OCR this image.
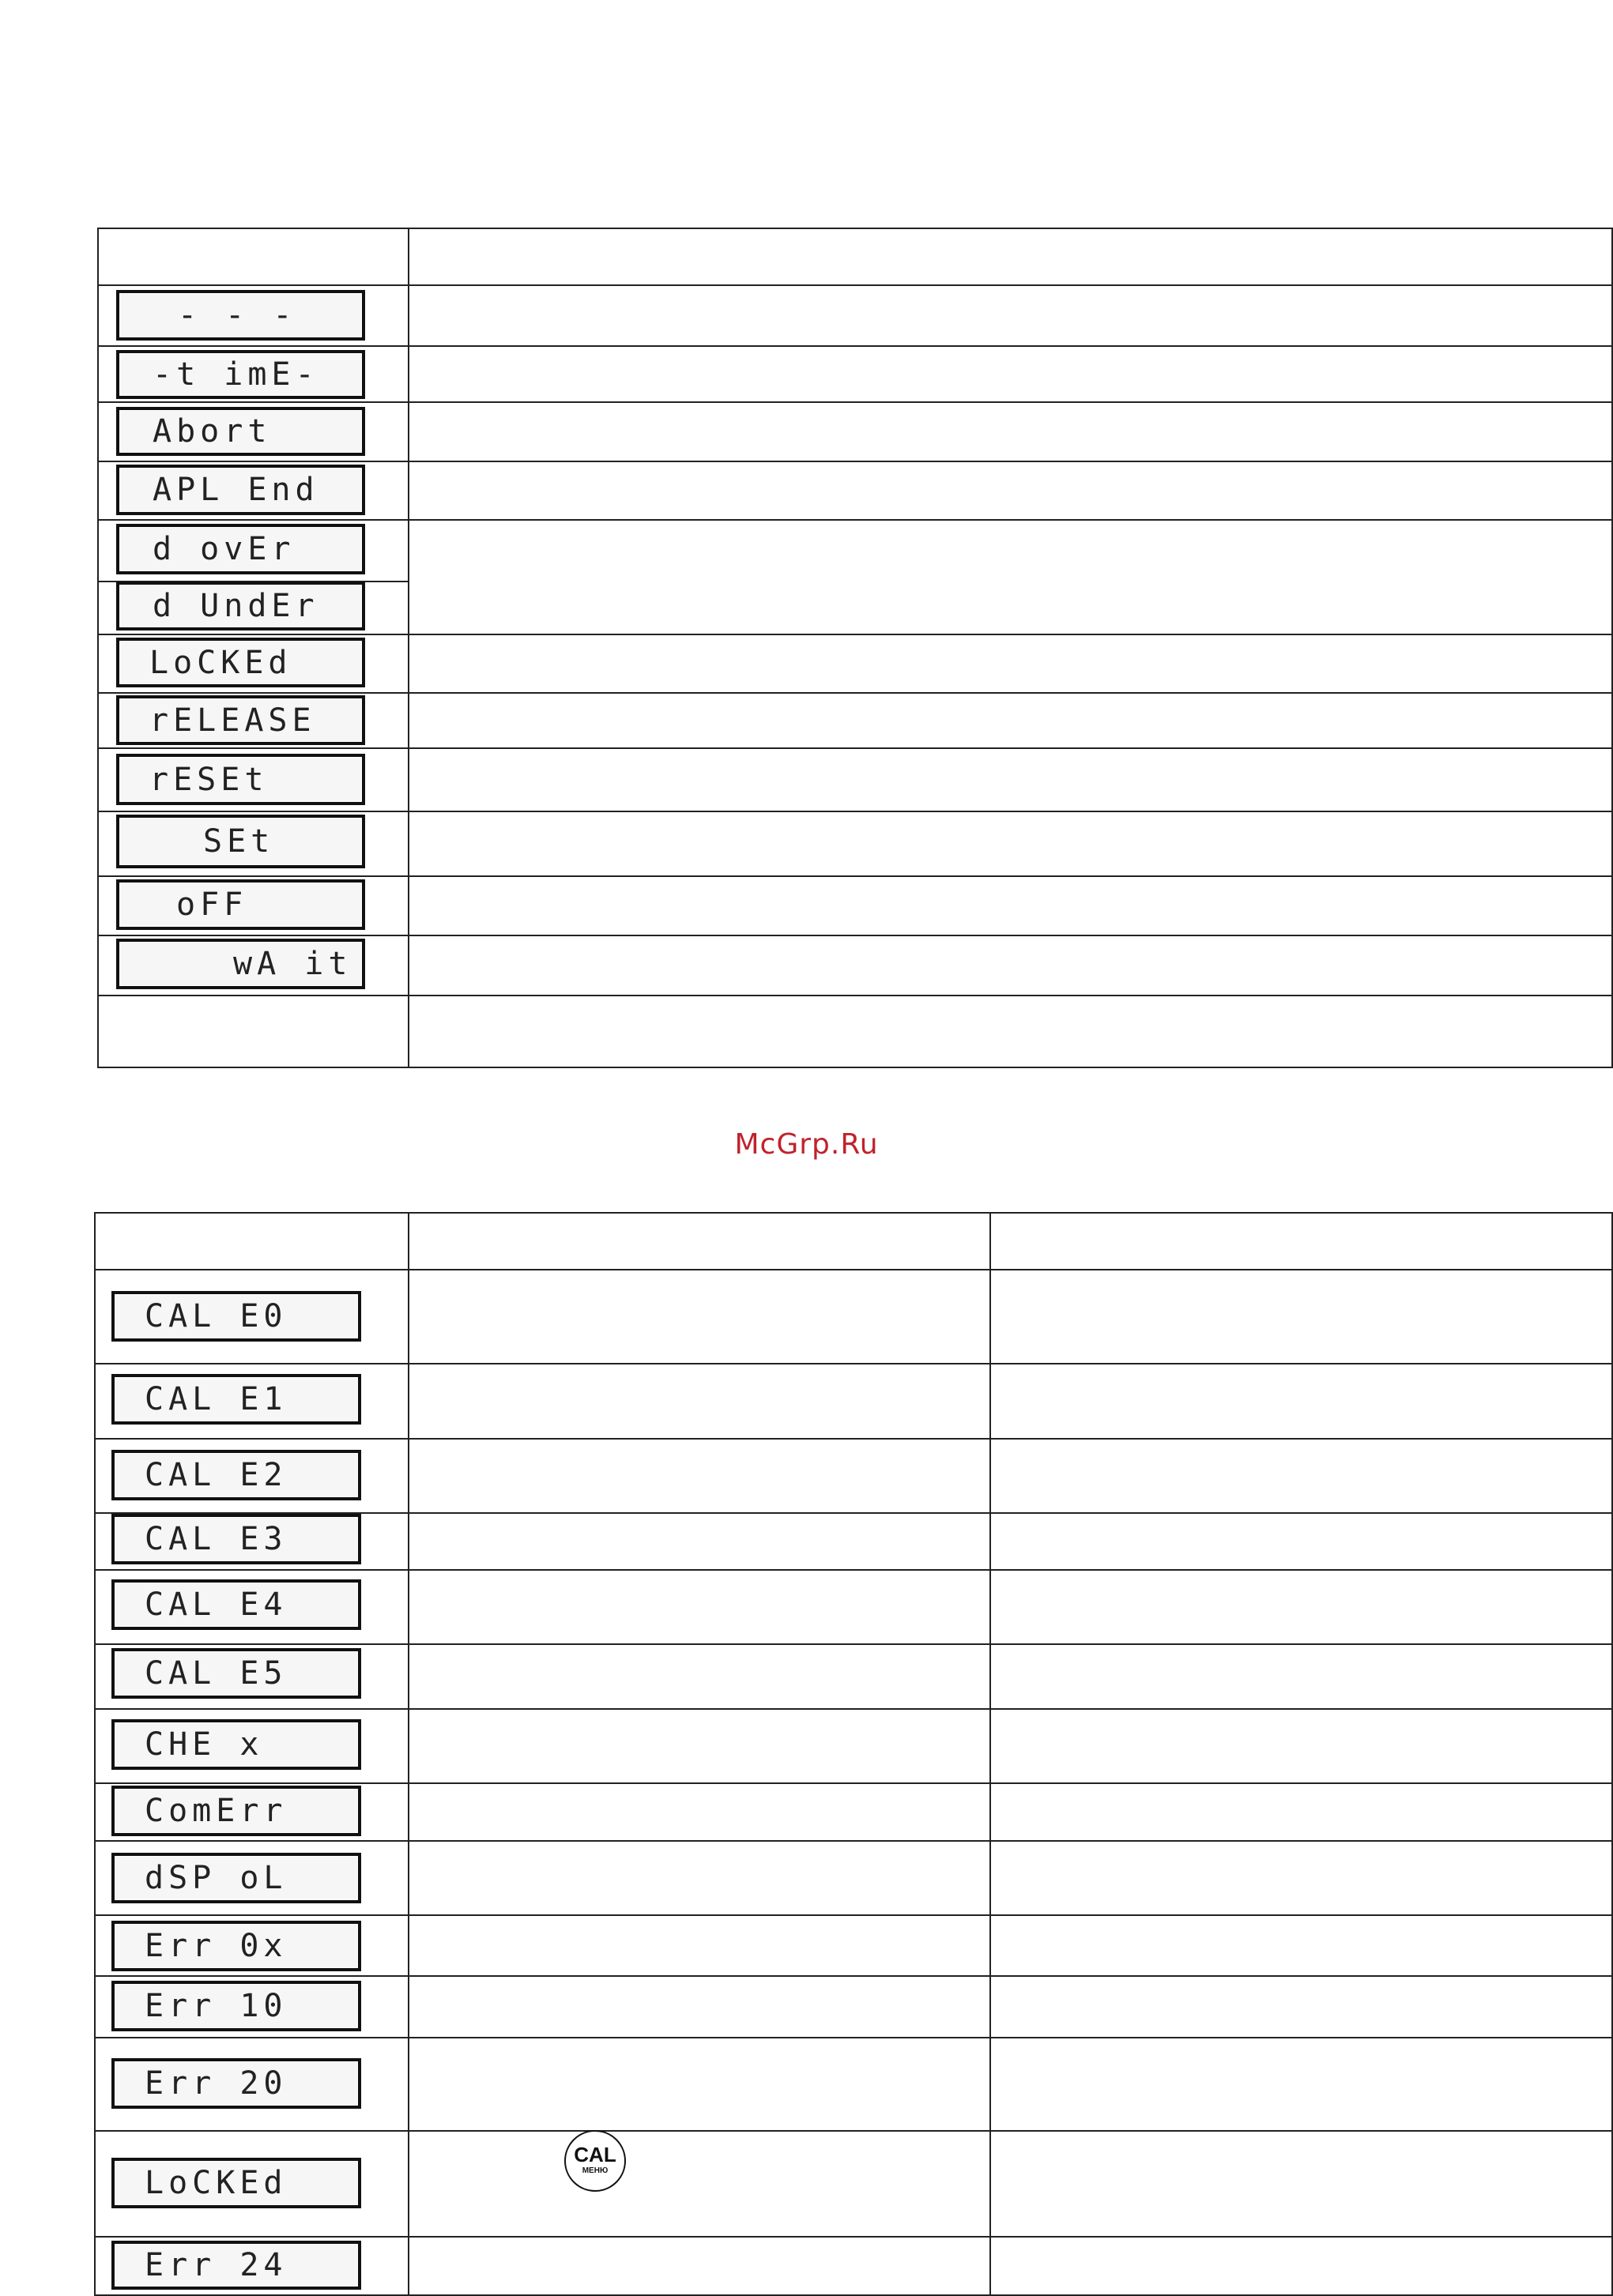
- - -
-t imE-
Abort
APL End
d ovEr
d UndEr
LoCKEd
rELEASE
rESEt
SEt
oFF
wA it
McGrp.Ru
CAL E0
CAL E1
CAL E2
CAL E3
CAL E4
CAL E5
CHE x
ComErr
dSP oL
Err 0x
Err 10
Err 20
LoCKEd
Err 24
CAL
МЕНЮ
